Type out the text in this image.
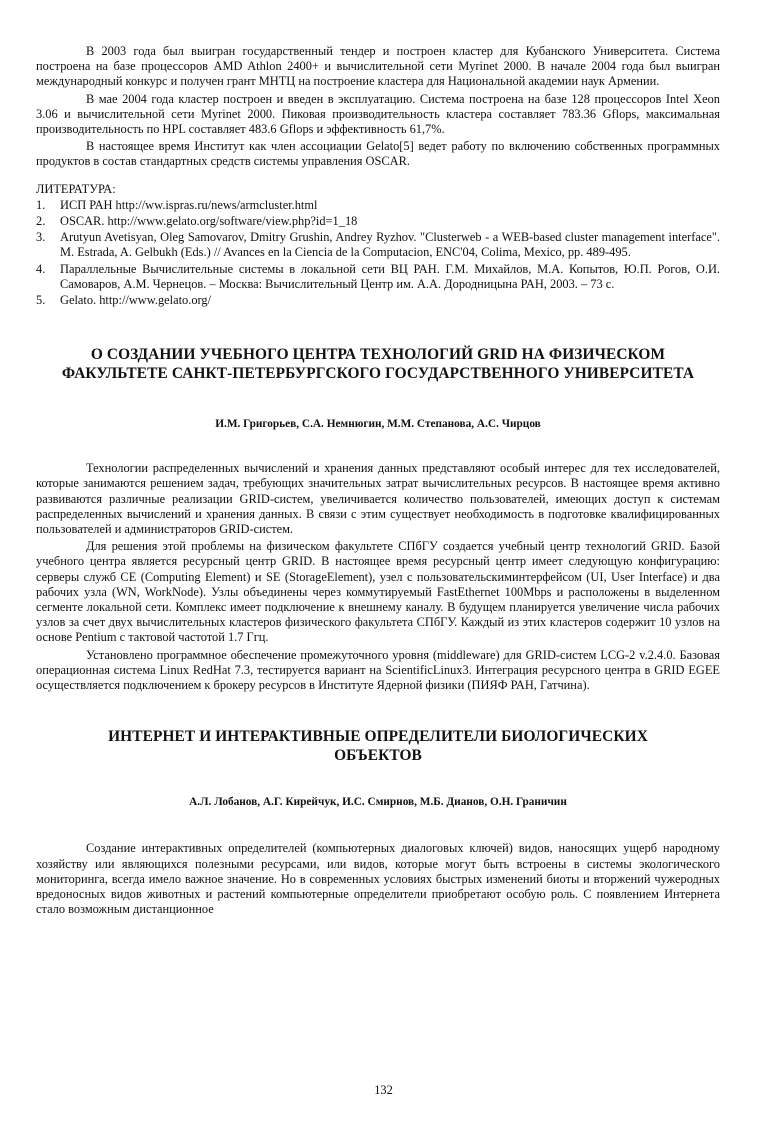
В 2003 года был выигран государственный тендер и построен кластер для Кубанского Университета. Система построена на базе процессоров AMD Athlon 2400+ и вычислительной сети Myrinet 2000. В начале 2004 года был выигран международный конкурс и получен грант МНТЦ на построение кластера для Национальной академии наук Армении.

В мае 2004 года кластер построен и введен в эксплуатацию. Система построена на базе 128 процессоров Intel Xeon 3.06 и вычислительной сети Myrinet 2000. Пиковая производительность кластера составляет 783.36 Gflops, максимальная производительность по HPL составляет 483.6 Gflops и эффективность 61,7%.

В настоящее время Институт как член ассоциации Gelato[5] ведет работу по включению собственных программных продуктов в состав стандартных средств системы управления OSCAR.

ЛИТЕРАТУРА:
1. ИСП РАН http://ww.ispras.ru/news/armcluster.html
2. OSCAR. http://www.gelato.org/software/view.php?id=1_18
3. Arutyun Avetisyan, Oleg Samovarov, Dmitry Grushin, Andrey Ryzhov. "Clusterweb - a WEB-based cluster management interface". M. Estrada, A. Gelbukh (Eds.) // Avances en la Ciencia de la Computacion, ENC'04, Colima, Mexico, pp. 489-495.
4. Параллельные Вычислительные системы в локальной сети ВЦ РАН. Г.М. Михайлов, М.А. Копытов, Ю.П. Рогов, О.И. Самоваров, А.М. Чернецов. – Москва: Вычислительный Центр им. А.А. Дородницына РАН, 2003. – 73 с.
5. Gelato. http://www.gelato.org/
О СОЗДАНИИ УЧЕБНОГО ЦЕНТРА ТЕХНОЛОГИЙ GRID НА ФИЗИЧЕСКОМ ФАКУЛЬТЕТЕ САНКТ-ПЕТЕРБУРГСКОГО ГОСУДАРСТВЕННОГО УНИВЕРСИТЕТА
И.М. Григорьев, С.А. Немнюгин, М.М. Степанова, А.С. Чирцов

Технологии распределенных вычислений и хранения данных представляют особый интерес для тех исследователей, которые занимаются решением задач, требующих значительных затрат вычислительных ресурсов. В настоящее время активно развиваются различные реализации GRID-систем, увеличивается количество пользователей, имеющих доступ к системам распределенных вычислений и хранения данных. В связи с этим существует необходимость в подготовке квалифицированных пользователей и администраторов GRID-систем.

Для решения этой проблемы на физическом факультете СПбГУ создается учебный центр технологий GRID. Базой учебного центра является ресурсный центр GRID. В настоящее время ресурсный центр имеет следующую конфигурацию: серверы служб CE (Computing Element) и SE (StorageElement), узел с пользовательскиминтерфейсом (UI, User Interface) и два рабочих узла (WN, WorkNode). Узлы объединены через коммутируемый FastEthernet 100Mbps и расположены в выделенном сегменте локальной сети. Комплекс имеет подключение к внешнему каналу. В будущем планируется увеличение числа рабочих узлов за счет двух вычислительных кластеров физического факультета СПбГУ. Каждый из этих кластеров содержит 10 узлов на основе Pentium с тактовой частотой 1.7 Ггц.

Установлено программное обеспечение промежуточного уровня (middleware) для GRID-систем LCG-2 v.2.4.0. Базовая операционная система Linux RedHat 7.3, тестируется вариант на ScientificLinux3. Интеграция ресурсного центра в GRID EGEE осуществляется подключением к брокеру ресурсов в Институте Ядерной физики (ПИЯФ РАН, Гатчина).

ИНТЕРНЕТ И ИНТЕРАКТИВНЫЕ ОПРЕДЕЛИТЕЛИ БИОЛОГИЧЕСКИХ ОБЪЕКТОВ
А.Л. Лобанов, А.Г. Кирейчук, И.С. Смирнов, М.Б. Дианов, О.Н. Граничин

Создание интерактивных определителей (компьютерных диалоговых ключей) видов, наносящих ущерб народному хозяйству или являющихся полезными ресурсами, или видов, которые могут быть встроены в системы экологического мониторинга, всегда имело важное значение. Но в современных условиях быстрых изменений биоты и вторжений чужеродных вредоносных видов животных и растений компьютерные определители приобретают особую роль. С появлением Интернета стало возможным дистанционное

132
